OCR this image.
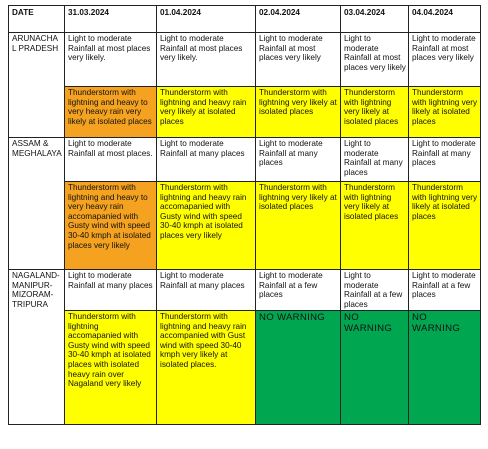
DATE	31.03.2024	01.04.2024	02.04.2024	03.04.2024	04.04.2024
ARUNACHAL PRADESH	Light to moderate Rainfall at most places very likely.	Light to moderate Rainfall at most places very likely.	Light to moderate Rainfall at most places very likely	Light to moderate Rainfall at most places very likely	Light to moderate Rainfall at most places very likely
	Thunderstorm with lightning and heavy to very heavy rain very likely at isolated places	Thunderstorm with lightning and heavy rain very likely at isolated places	Thunderstorm with lightning very likely at isolated places	Thunderstorm with lightning very likely at isolated places	Thunderstorm with lightning very likely at isolated places
ASSAM & MEGHALAYA	Light to moderate Rainfall at most places.	Light to moderate Rainfall at many places	Light to moderate Rainfall at many places	Light to moderate Rainfall at many places	Light to moderate Rainfall at many places
	Thunderstorm with lightning and heavy to very heavy rain accomapanied with Gusty wind with speed 30-40 kmph at isolated places very likely	Thunderstorm with lightning and heavy rain accomapanied with Gusty wind with speed 30-40 kmph at isolated places very likely	Thunderstorm with lightning very likely at isolated places	Thunderstorm with lightning very likely at isolated places	Thunderstorm with lightning very likely at isolated places
NAGALAND-MANIPUR-MIZORAM-TRIPURA	Light to moderate Rainfall at many places	Light to moderate Rainfall at many places	Light to moderate Rainfall at a few places	Light to moderate Rainfall at a few places	Light to moderate Rainfall at a few places
	Thunderstorm with lightning accomapanied with Gusty wind with speed 30-40 kmph at isolated places with isolated heavy rain over Nagaland very likely	Thunderstorm with lightning and heavy rain accompanied with Gust wind with speed 30-40 kmph very likely at isolated places.	NO WARNING	NO WARNING	NO WARNING
